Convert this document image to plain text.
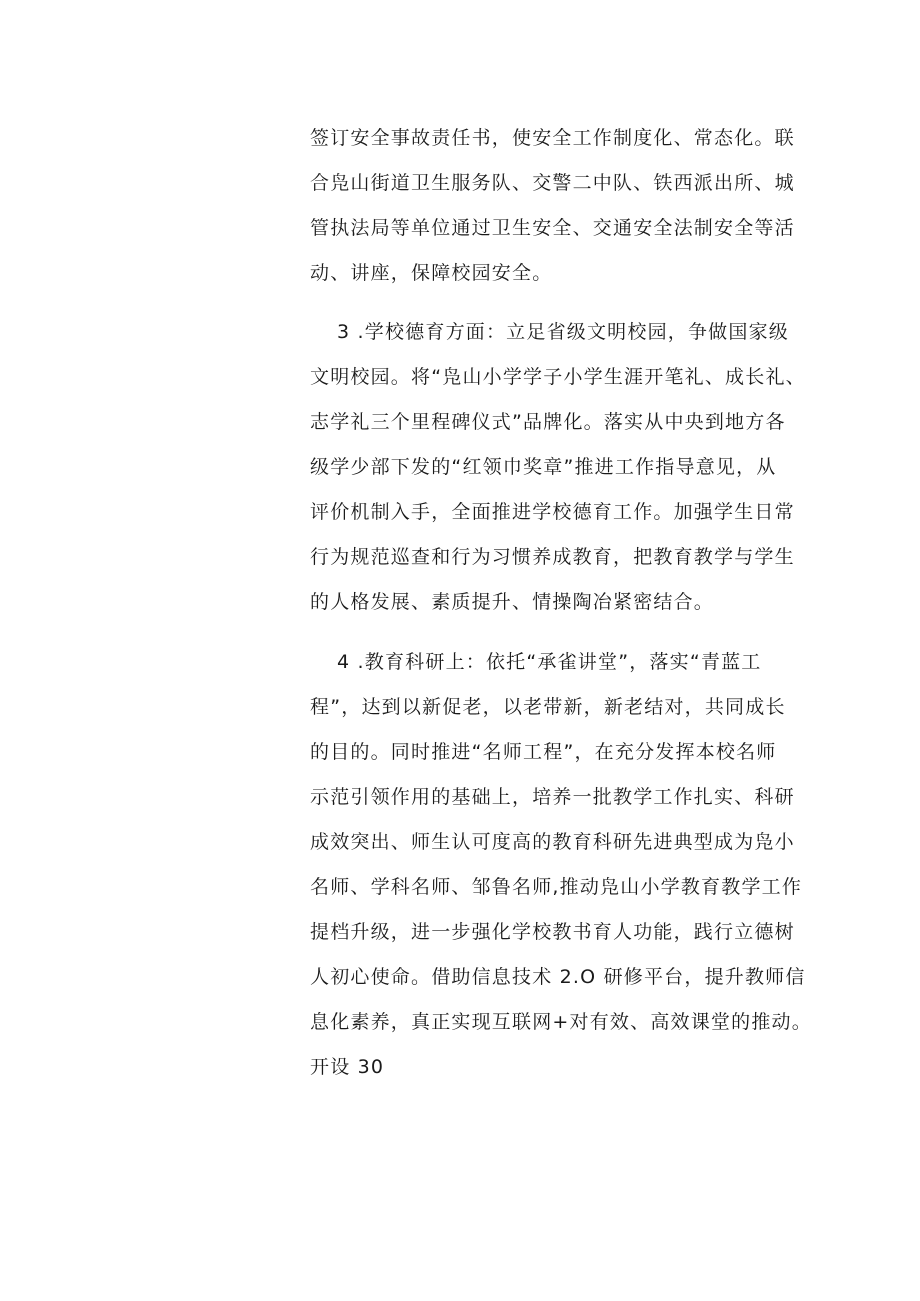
签订安全事故责任书，使安全工作制度化、常态化。联
合凫山街道卫生服务队、交警二中队、铁西派出所、城
管执法局等单位通过卫生安全、交通安全法制安全等活
动、讲座，保障校园安全。
3 .学校德育方面：立足省级文明校园，争做国家级
文明校园。将“凫山小学学子小学生涯开笔礼、成长礼、
志学礼三个里程碑仪式”品牌化。落实从中央到地方各
级学少部下发的“红领巾奖章”推进工作指导意见，从
评价机制入手，全面推进学校德育工作。加强学生日常
行为规范巡查和行为习惯养成教育，把教育教学与学生
的人格发展、素质提升、情操陶冶紧密结合。
4 .教育科研上：依托“承雀讲堂”，落实“青蓝工
程”，达到以新促老，以老带新，新老结对，共同成长
的目的。同时推进“名师工程”，在充分发挥本校名师
示范引领作用的基础上，培养一批教学工作扎实、科研
成效突出、师生认可度高的教育科研先进典型成为凫小
名师、学科名师、邹鲁名师,推动凫山小学教育教学工作
提档升级，进一步强化学校教书育人功能，践行立德树
人初心使命。借助信息技术 2.O 研修平台，提升教师信
息化素养，真正实现互联网+对有效、高效课堂的推动。
开设 30
